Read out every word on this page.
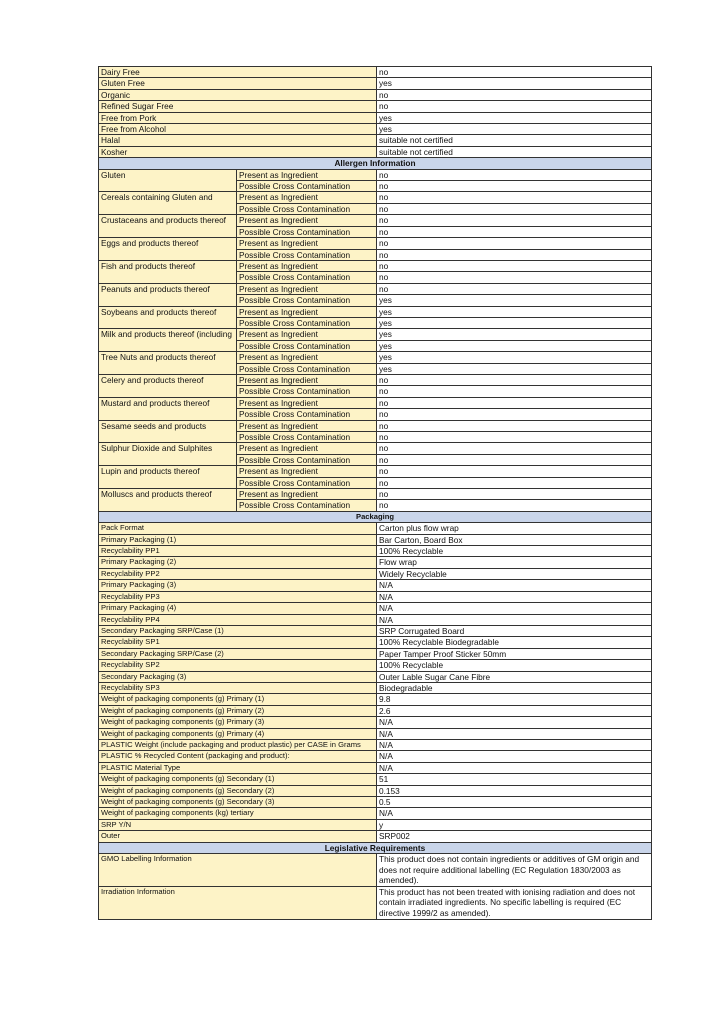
Dairy Free		no
Gluten Free		yes
Organic		no
Refined Sugar Free		no
Free from Pork		yes
Free from Alcohol		yes
Halal		suitable not certified
Kosher		suitable not certified
Allergen Information		
Gluten	Present as Ingredient	no
	Possible Cross Contamination	no
Cereals containing Gluten and	Present as Ingredient	no
	Possible Cross Contamination	no
Crustaceans and products thereof	Present as Ingredient	no
	Possible Cross Contamination	no
Eggs and products thereof	Present as Ingredient	no
	Possible Cross Contamination	no
Fish and products thereof	Present as Ingredient	no
	Possible Cross Contamination	no
Peanuts and products thereof	Present as Ingredient	no
	Possible Cross Contamination	yes
Soybeans and products thereof	Present as Ingredient	yes
	Possible Cross Contamination	yes
Milk and products thereof (including	Present as Ingredient	yes
	Possible Cross Contamination	yes
Tree Nuts and products thereof	Present as Ingredient	yes
	Possible Cross Contamination	yes
Celery and products thereof	Present as Ingredient	no
	Possible Cross Contamination	no
Mustard and products thereof	Present as Ingredient	no
	Possible Cross Contamination	no
Sesame seeds and products	Present as Ingredient	no
	Possible Cross Contamination	no
Sulphur Dioxide and Sulphites	Present as Ingredient	no
	Possible Cross Contamination	no
Lupin and products thereof	Present as Ingredient	no
	Possible Cross Contamination	no
Molluscs and products thereof	Present as Ingredient	no
	Possible Cross Contamination	no
Packaging		
Pack Format		Carton plus flow wrap
Primary Packaging (1)		Bar Carton, Board Box
Recyclability PP1		100% Recyclable
Primary Packaging (2)		Flow wrap
Recyclability PP2		Widely Recyclable
Primary Packaging (3)		N/A
Recyclability PP3		N/A
Primary Packaging (4)		N/A
Recyclability PP4		N/A
Secondary Packaging SRP/Case (1)		SRP Corrugated Board
Recyclability SP1		100% Recyclable Biodegradable
Secondary Packaging SRP/Case (2)		Paper Tamper Proof Sticker 50mm
Recyclability SP2		100% Recyclable
Secondary Packaging (3)		Outer Lable Sugar Cane Fibre
Recyclability SP3		Biodegradable
Weight of packaging components (g) Primary (1)		9.8
Weight of packaging components (g) Primary (2)		2.6
Weight of packaging components (g) Primary (3)		N/A
Weight of packaging components (g) Primary (4)		N/A
PLASTIC Weight (include packaging and product plastic) per CASE in Grams		N/A
PLASTIC % Recycled Content (packaging and product):		N/A
PLASTIC Material Type		N/A
Weight of packaging components (g) Secondary (1)		51
Weight of packaging components (g) Secondary (2)		0.153
Weight of packaging components (g) Secondary (3)		0.5
Weight of packaging components (kg) tertiary		N/A
SRP Y/N		y
Outer		SRP002
Legislative Requirements		
GMO Labelling Information		This product does not contain ingredients or additives of GM origin and does not require additional labelling (EC Regulation 1830/2003 as amended).
Irradiation Information		This product has not been treated with ionising radiation and does not contain irradiated ingredients. No specific labelling is required (EC directive 1999/2 as amended).
